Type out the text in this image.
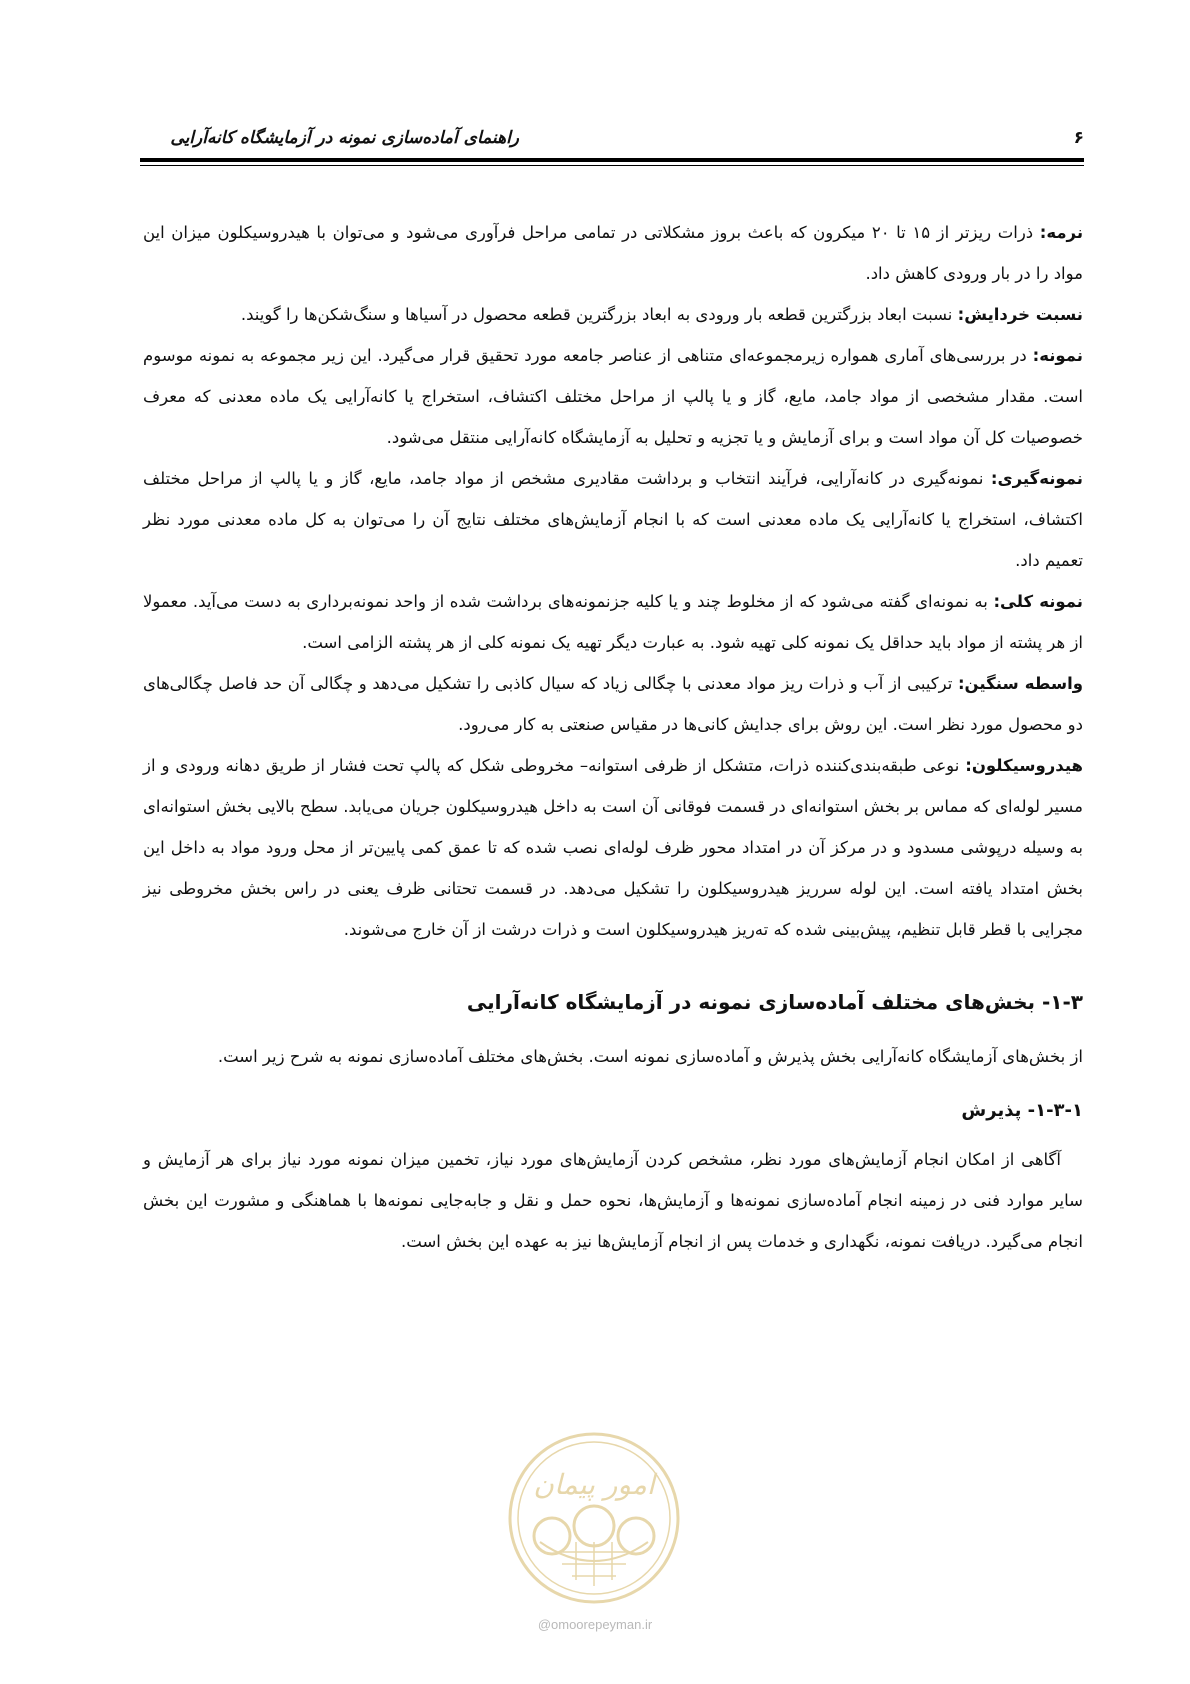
راهنمای آماده‌سازی نمونه در آزمایشگاه کانه‌آرایی	۶

نرمه: ذرات ریزتر از ۱۵ تا ۲۰ میکرون که باعث بروز مشکلاتی در تمامی مراحل فرآوری می‌شود و می‌توان با هیدروسیکلون میزان این مواد را در بار ورودی کاهش داد.

نسبت خردایش: نسبت ابعاد بزرگترین قطعه بار ورودی به ابعاد بزرگترین قطعه محصول در آسیاها و سنگ‌شکن‌ها را گویند.

نمونه: در بررسی‌های آماری همواره زیرمجموعه‌ای متناهی از عناصر جامعه مورد تحقیق قرار می‌گیرد. این زیر مجموعه به نمونه موسوم است. مقدار مشخصی از مواد جامد، مایع، گاز و یا پالپ از مراحل مختلف اکتشاف، استخراج یا کانه‌آرایی یک ماده معدنی که معرف خصوصیات کل آن مواد است و برای آزمایش و یا تجزیه و تحلیل به آزمایشگاه کانه‌آرایی منتقل می‌شود.

نمونه‌گیری: نمونه‌گیری در کانه‌آرایی، فرآیند انتخاب و برداشت مقادیری مشخص از مواد جامد، مایع، گاز و یا پالپ از مراحل مختلف اکتشاف، استخراج یا کانه‌آرایی یک ماده معدنی است که با انجام آزمایش‌های مختلف نتایج آن را می‌توان به کل ماده معدنی مورد نظر تعمیم داد.

نمونه کلی: به نمونه‌ای گفته می‌شود که از مخلوط چند و یا کلیه جزنمونه‌های برداشت شده از واحد نمونه‌برداری به دست می‌آید. معمولا از هر پشته از مواد باید حداقل یک نمونه کلی تهیه شود. به عبارت دیگر تهیه یک نمونه کلی از هر پشته الزامی است.

واسطه سنگین: ترکیبی از آب و ذرات ریز مواد معدنی با چگالی زیاد که سیال کاذبی را تشکیل می‌دهد و چگالی آن حد فاصل چگالی‌های دو محصول مورد نظر است. این روش برای جدایش کانی‌ها در مقیاس صنعتی به کار می‌رود.

هیدروسیکلون: نوعی طبقه‌بندی‌کننده ذرات، متشکل از ظرفی استوانه‌– مخروطی شکل که پالپ تحت فشار از طریق دهانه ورودی و از مسیر لوله‌ای که مماس بر بخش استوانه‌ای در قسمت فوقانی آن است به داخل هیدروسیکلون جریان می‌یابد. سطح بالایی بخش استوانه‌ای به وسیله درپوشی مسدود و در مرکز آن در امتداد محور ظرف لوله‌ای نصب شده که تا عمق کمی پایین‌تر از محل ورود مواد به داخل این بخش امتداد یافته است. این لوله سرریز هیدروسیکلون را تشکیل می‌دهد. در قسمت تحتانی ظرف یعنی در راس بخش مخروطی نیز مجرایی با قطر قابل تنظیم، پیش‌بینی شده که ته‌ریز هیدروسیکلون است و ذرات درشت از آن خارج می‌شوند.

۱-۳- بخش‌های مختلف آماده‌سازی نمونه در آزمایشگاه کانه‌آرایی

از بخش‌های آزمایشگاه کانه‌آرایی بخش پذیرش و آماده‌سازی نمونه است. بخش‌های مختلف آماده‌سازی نمونه به شرح زیر است.

۱-۳-۱- پذیرش

آگاهی از امکان انجام آزمایش‌های مورد نظر، مشخص کردن آزمایش‌های مورد نیاز، تخمین میزان نمونه مورد نیاز برای هر آزمایش و سایر موارد فنی در زمینه انجام آماده‌سازی نمونه‌ها و آزمایش‌ها، نحوه حمل و نقل و جابه‌جایی نمونه‌ها با هماهنگی و مشورت این بخش انجام می‌گیرد. دریافت نمونه، نگهداری و خدمات پس از انجام آزمایش‌ها نیز به عهده این بخش است.

امور پیمان
@omoorepeyman.ir
